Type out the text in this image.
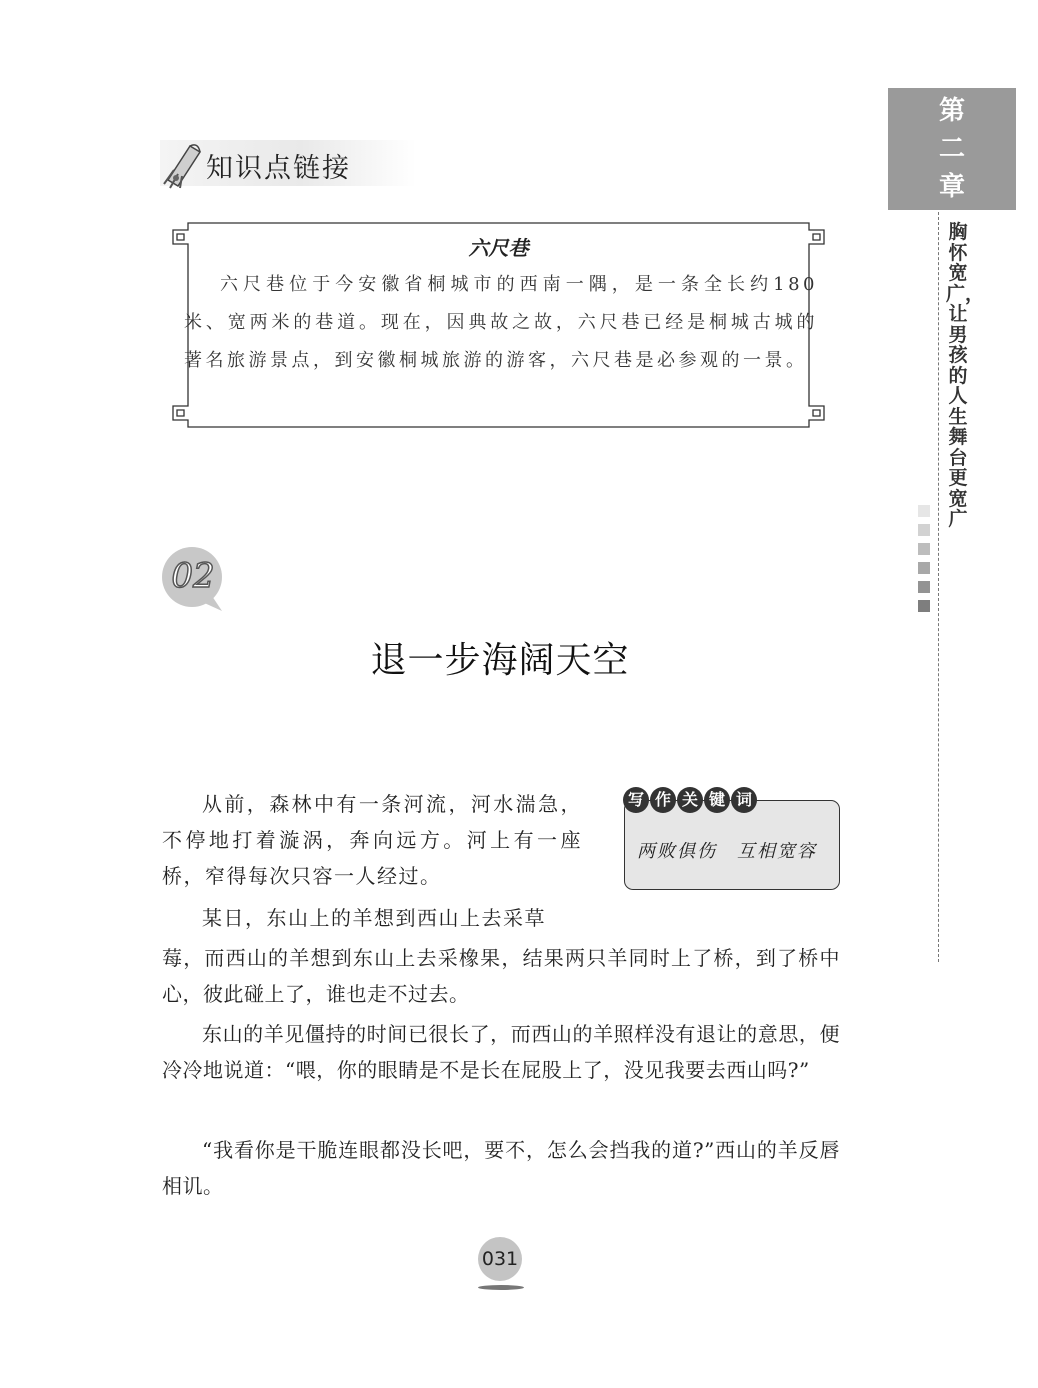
第
二
章
胸怀宽广，让男孩的人生舞台更宽广
知识点链接
六尺巷
六尺巷位于今安徽省桐城市的西南一隅，是一条全长约180米、宽两米的巷道。现在，因典故之故，六尺巷已经是桐城古城的著名旅游景点，到安徽桐城旅游的游客，六尺巷是必参观的一景。
02
退一步海阔天空
写 作 关 键 词
两败俱伤　互相宽容

从前，森林中有一条河流，河水湍急，不停地打着漩涡，奔向远方。河上有一座桥，窄得每次只容一人经过。

某日，东山上的羊想到西山上去采草

莓，而西山的羊想到东山上去采橡果，结果两只羊同时上了桥，到了桥中心，彼此碰上了，谁也走不过去。

东山的羊见僵持的时间已很长了，而西山的羊照样没有退让的意思，便冷冷地说道：“喂，你的眼睛是不是长在屁股上了，没见我要去西山吗?”

“我看你是干脆连眼都没长吧，要不，怎么会挡我的道?”西山的羊反唇相讥。

031
